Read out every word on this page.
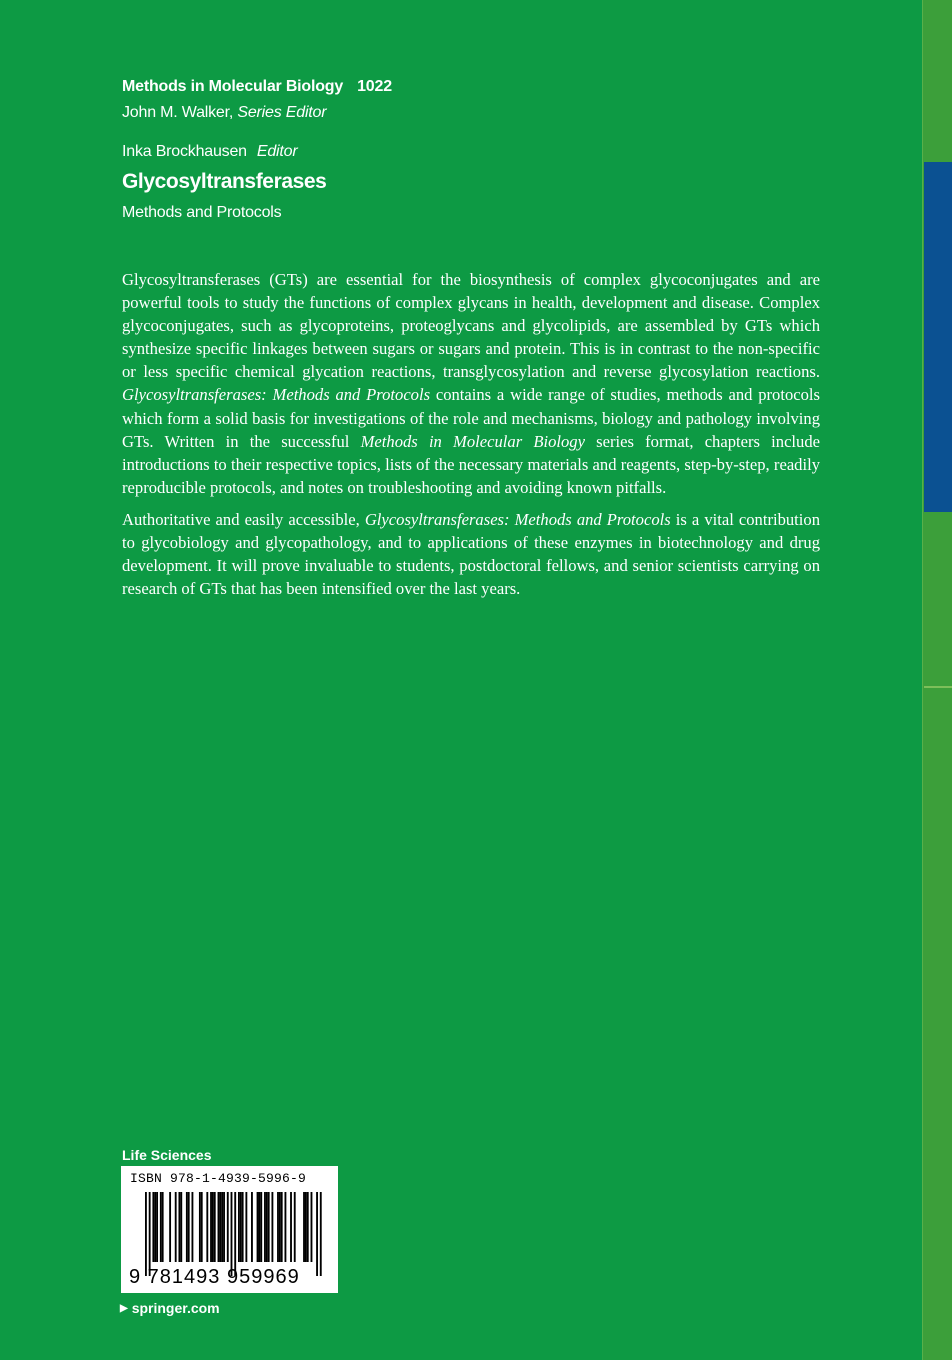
Methods in Molecular Biology 1022
John M. Walker, Series Editor
Inka Brockhausen Editor
Glycosyltransferases
Methods and Protocols

Glycosyltransferases (GTs) are essential for the biosynthesis of complex glycoconjugates and are powerful tools to study the functions of complex glycans in health, development and disease. Complex glycoconjugates, such as glycoproteins, proteoglycans and glycolipids, are assembled by GTs which synthesize specific linkages between sugars or sugars and protein. This is in contrast to the non-specific or less specific chemical glycation reactions, transglycosylation and reverse glycosylation reactions. Glycosyltransferases: Methods and Protocols contains a wide range of studies, methods and protocols which form a solid basis for investigations of the role and mechanisms, biology and pathology involving GTs. Written in the successful Methods in Molecular Biology series format, chapters include introductions to their respective topics, lists of the necessary materials and reagents, step-by-step, readily reproducible protocols, and notes on troubleshooting and avoiding known pitfalls.

Authoritative and easily accessible, Glycosyltransferases: Methods and Protocols is a vital contribution to glycobiology and glycopathology, and to applications of these enzymes in biotechnology and drug development. It will prove invaluable to students, postdoctoral fellows, and senior scientists carrying on research of GTs that has been intensified over the last years.

Life Sciences
ISBN 978-1-4939-5996-9
9 781493 959969
▶ springer.com
